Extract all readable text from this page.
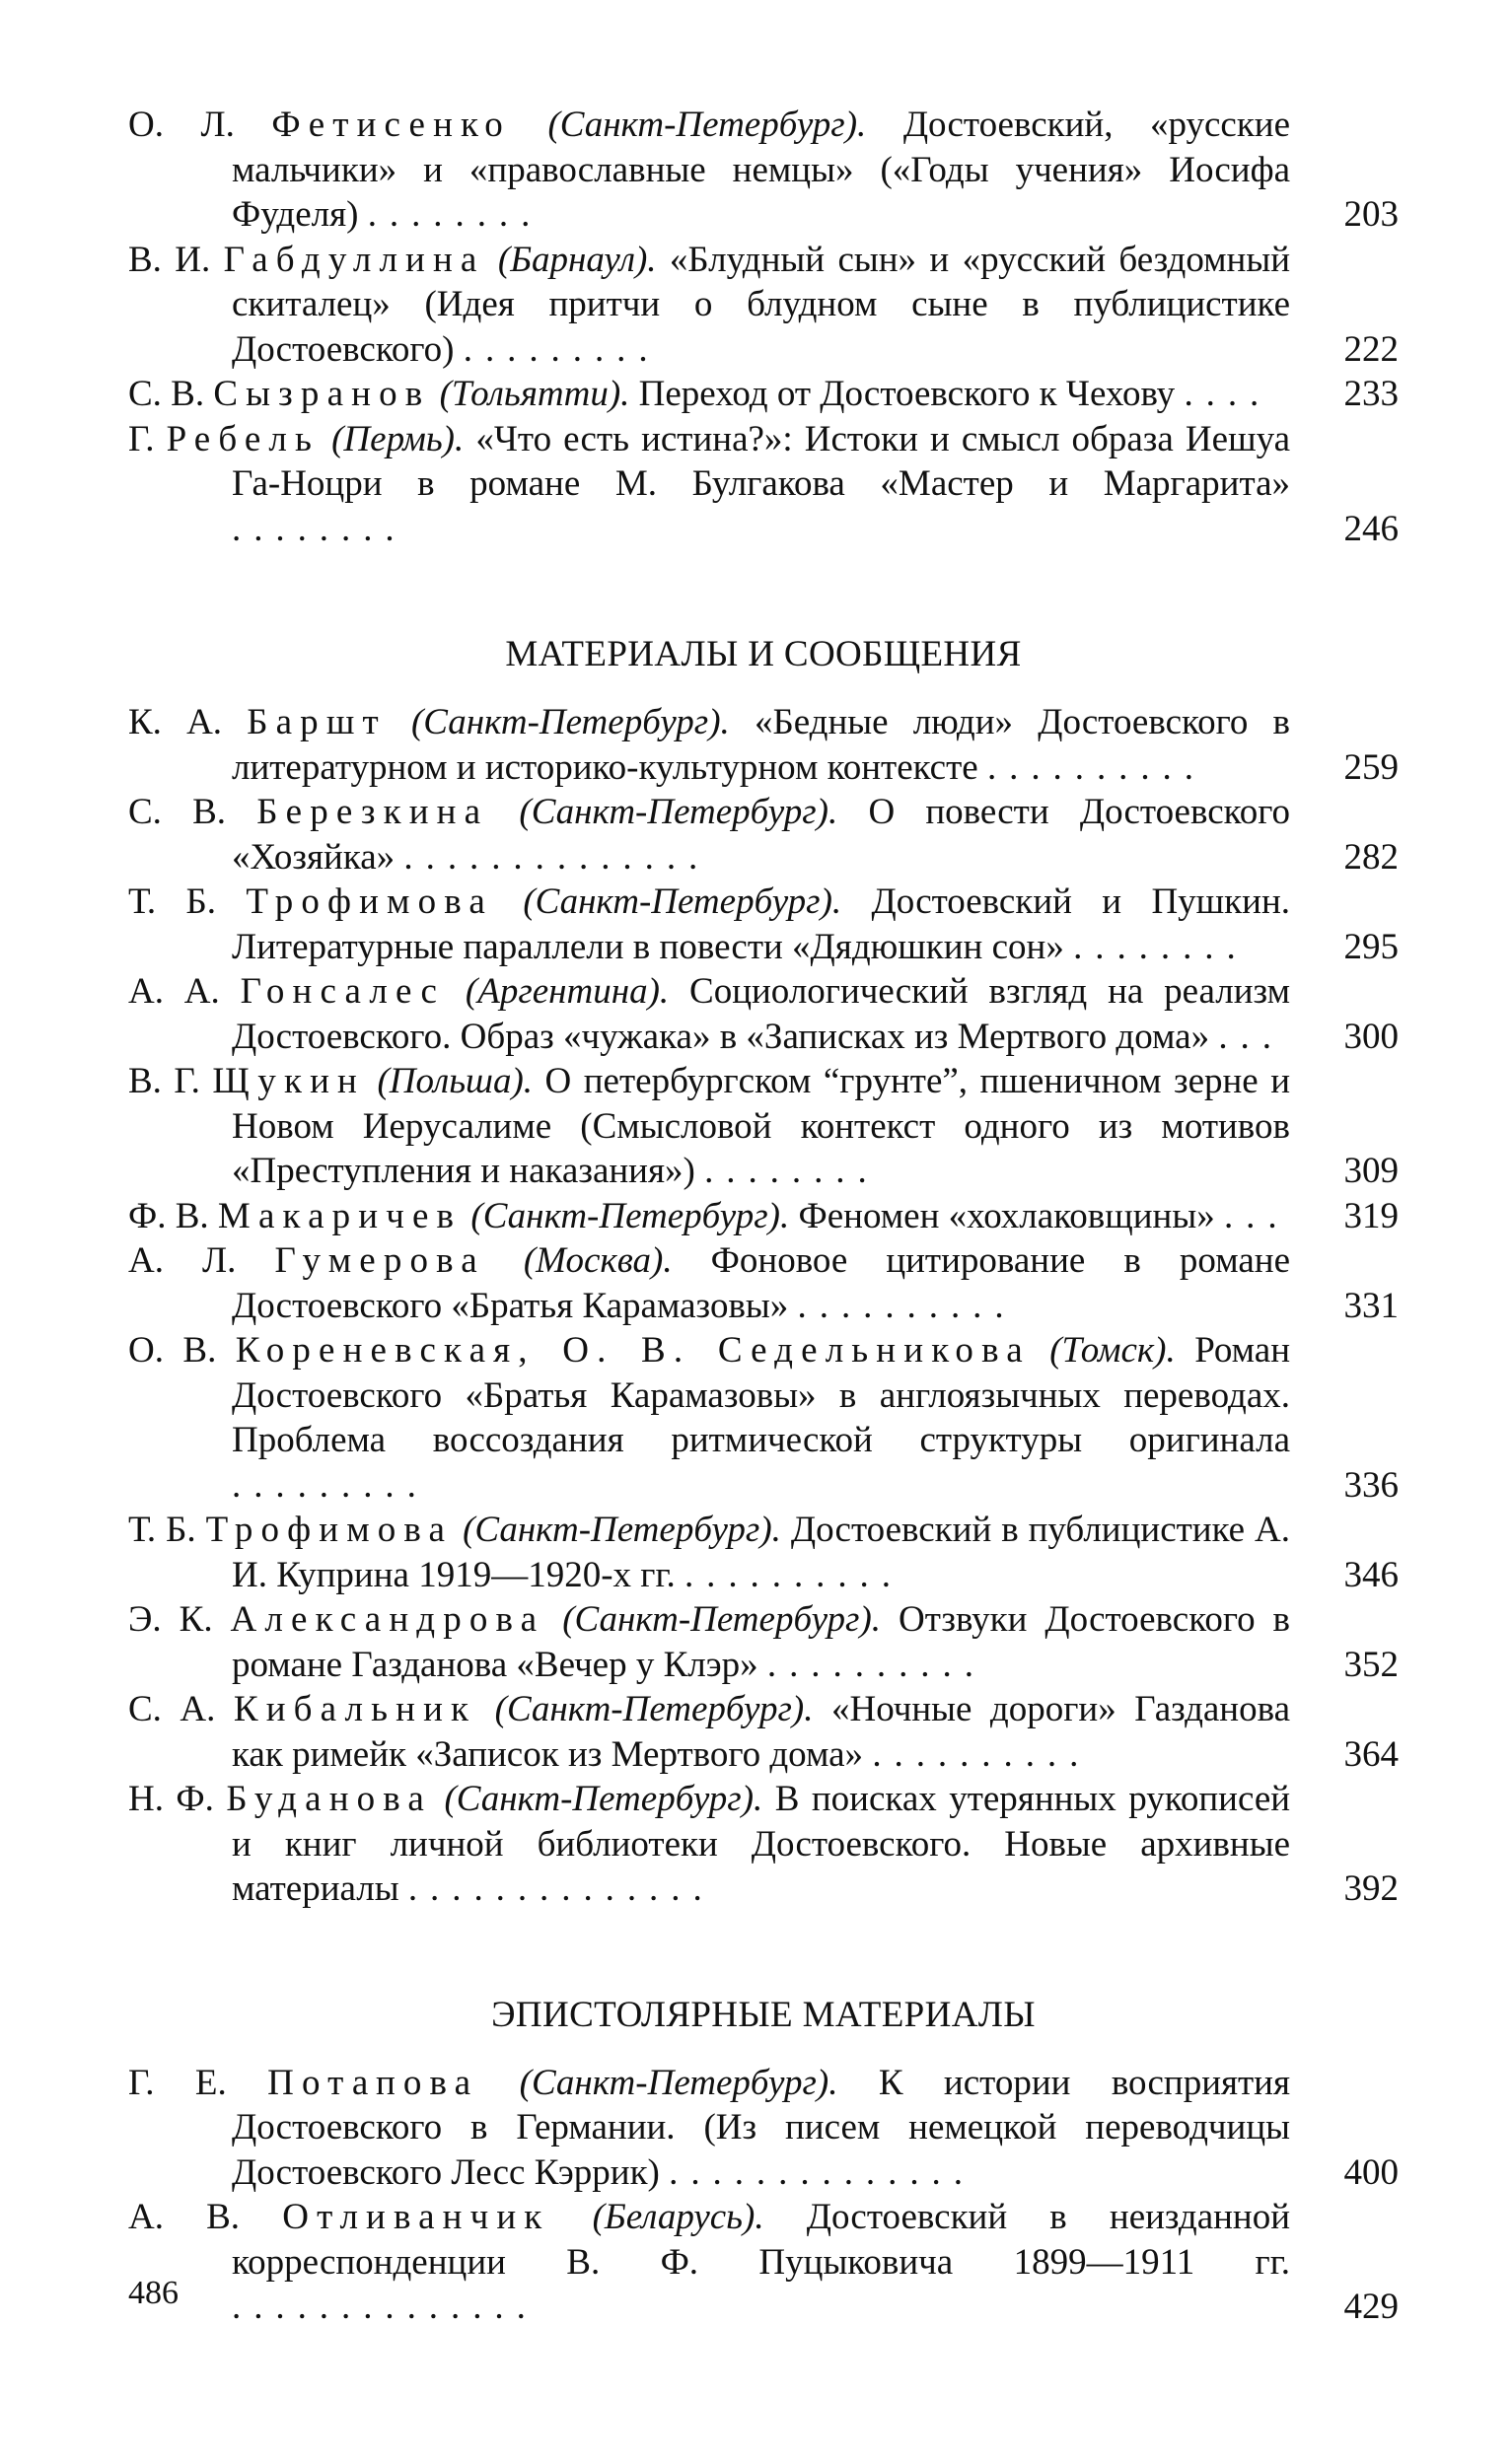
О. Л. Фетисенко (Санкт-Петербург). Достоевский, «русские мальчики» и «православные немцы» («Годы учения» Иосифа Фуделя) ........	203
В. И. Габдуллина (Барнаул). «Блудный сын» и «русский бездомный скиталец» (Идея притчи о блудном сыне в публицистике Достоевского) .........	222
С. В. Сызранов (Тольятти). Переход от Достоевского к Чехову ....	233
Г. Ребель (Пермь). «Что есть истина?»: Истоки и смысл образа Иешуа Га-Ноцри в романе М. Булгакова «Мастер и Маргарита» ........	246
МАТЕРИАЛЫ И СООБЩЕНИЯ
К. А. Баршт (Санкт-Петербург). «Бедные люди» Достоевского в литературном и историко-культурном контексте ..........	259
С. В. Березкина (Санкт-Петербург). О повести Достоевского «Хозяйка» ..............	282
Т. Б. Трофимова (Санкт-Петербург). Достоевский и Пушкин. Литературные параллели в повести «Дядюшкин сон» ........	295
А. А. Гонсалес (Аргентина). Социологический взгляд на реализм Достоевского. Образ «чужака» в «Записках из Мертвого дома» ...	300
В. Г. Щукин (Польша). О петербургском “грунте”, пшеничном зерне и Новом Иерусалиме (Смысловой контекст одного из мотивов «Преступления и наказания») ........	309
Ф. В. Макаричев (Санкт-Петербург). Феномен «хохлаковщины» ...	319
А. Л. Гумерова (Москва). Фоновое цитирование в романе Достоевского «Братья Карамазовы» ..........	331
О. В. Кореневская, О. В. Седельникова (Томск). Роман Достоевского «Братья Карамазовы» в англоязычных переводах. Проблема воссоздания ритмической структуры оригинала .........	336
Т. Б. Трофимова (Санкт-Петербург). Достоевский в публицистике А. И. Куприна 1919—1920-х гг. ..........	346
Э. К. Александрова (Санкт-Петербург). Отзвуки Достоевского в романе Газданова «Вечер у Клэр» ..........	352
С. А. Кибальник (Санкт-Петербург). «Ночные дороги» Газданова как римейк «Записок из Мертвого дома» ..........	364
Н. Ф. Буданова (Санкт-Петербург). В поисках утерянных рукописей и книг личной библиотеки Достоевского. Новые архивные материалы ..............	392
ЭПИСТОЛЯРНЫЕ МАТЕРИАЛЫ
Г. Е. Потапова (Санкт-Петербург). К истории восприятия Достоевского в Германии. (Из писем немецкой переводчицы Достоевского Лесс Кэррик) ..............	400
А. В. Отливанчик (Беларусь). Достоевский в неизданной корреспонденции В. Ф. Пуцыковича 1899—1911 гг. ..............	429
486
